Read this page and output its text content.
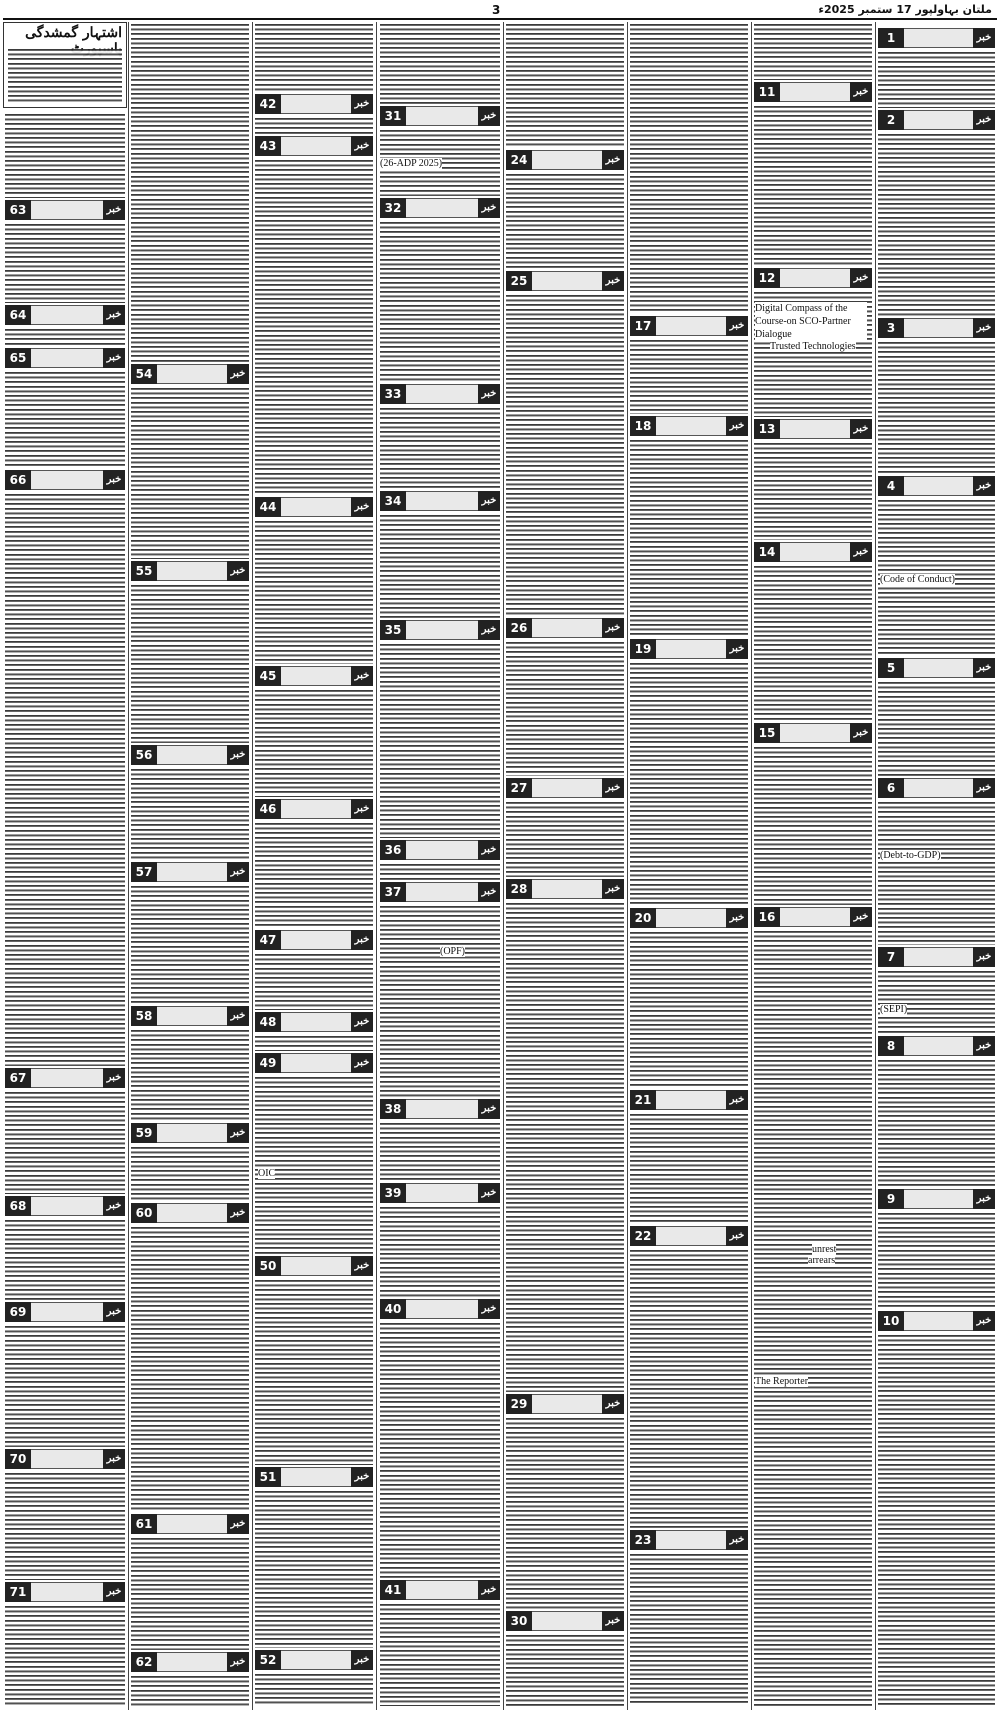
3	ملتان بہاولپور 17 ستمبر 2025ء
اشتہار گمشدگی
Digital Compass of the Course-on SCO-Partner Dialogue
Trusted Technologies
(Code of Conduct)
(Debt-to-GDP)
(SEPI)
unrest
arrears
The Reporter
(26-ADP 2025)
(OPF)
OIC
63	خبر
64	خبر
65	خبر
66	خبر
67	خبر
68	خبر
69	خبر
70	خبر
71	خبر
54	خبر
55	خبر
56	خبر
57	خبر
58	خبر
59	خبر
60	خبر
61	خبر
62	خبر
42	خبر
43	خبر
44	خبر
45	خبر
46	خبر
47	خبر
48	خبر
49	خبر
50	خبر
51	خبر
52	خبر
31	خبر
32	خبر
33	خبر
34	خبر
35	خبر
36	خبر
37	خبر
38	خبر
39	خبر
40	خبر
41	خبر
24	خبر
25	خبر
26	خبر
27	خبر
28	خبر
29	خبر
30	خبر
17	خبر
18	خبر
19	خبر
20	خبر
21	خبر
22	خبر
23	خبر
11	خبر
12	خبر
13	خبر
14	خبر
15	خبر
16	خبر
1	خبر
2	خبر
3	خبر
4	خبر
5	خبر
6	خبر
7	خبر
8	خبر
9	خبر
10	خبر
